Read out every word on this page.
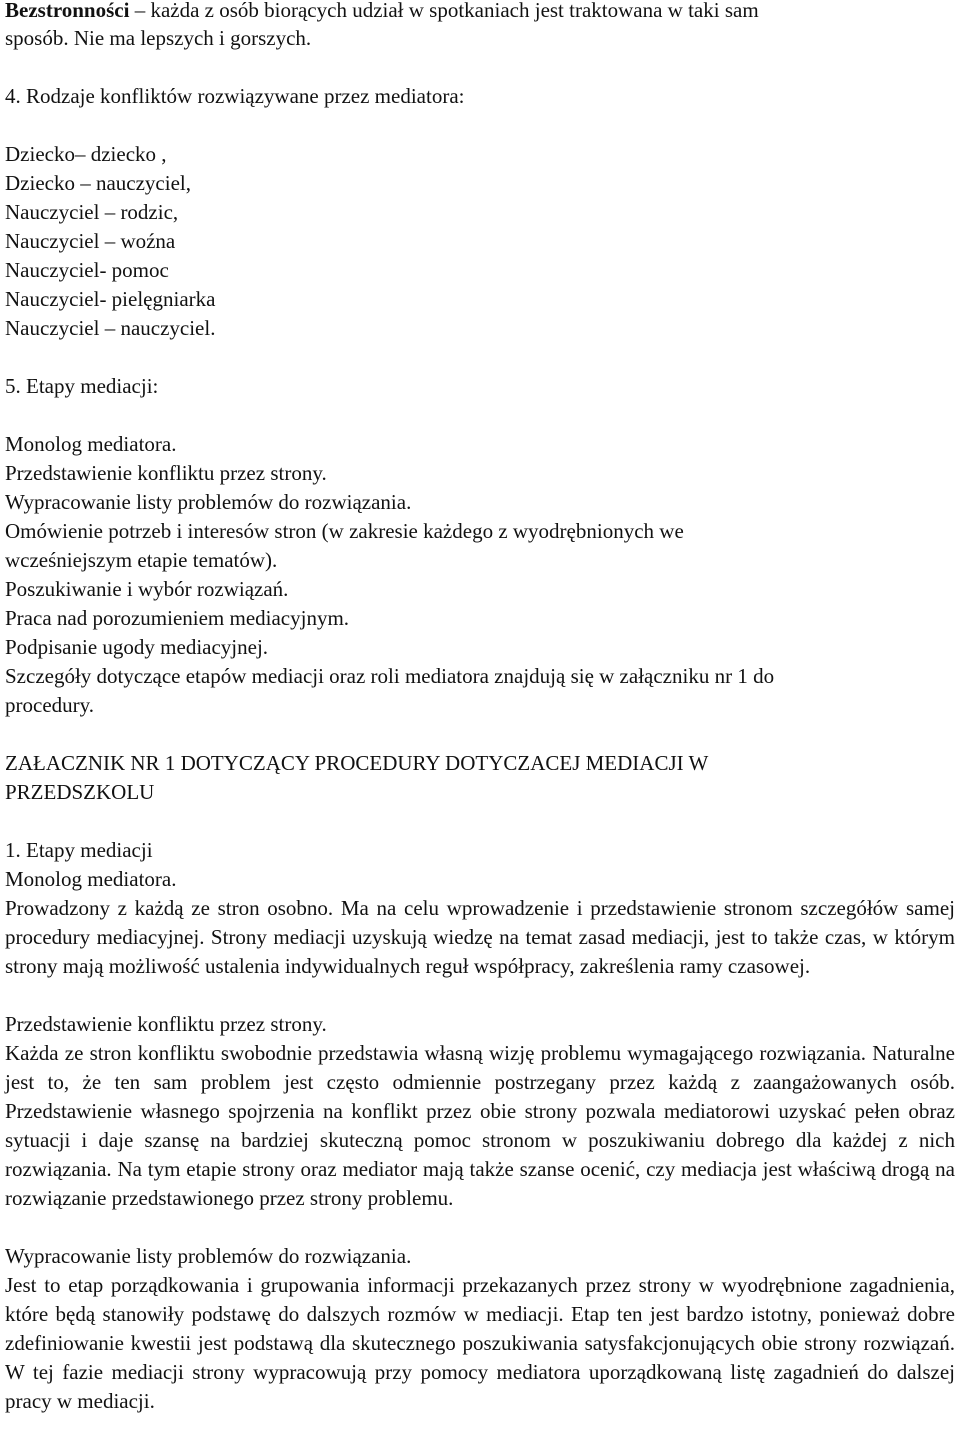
Bezstronności – każda z osób biorących udział w spotkaniach jest traktowana w taki sam
sposób. Nie ma lepszych i gorszych.
4. Rodzaje konfliktów rozwiązywane przez mediatora:
Dziecko– dziecko ,
Dziecko – nauczyciel,
Nauczyciel – rodzic,
Nauczyciel – woźna
Nauczyciel- pomoc
Nauczyciel- pielęgniarka
Nauczyciel – nauczyciel.
5. Etapy mediacji:
Monolog mediatora.
Przedstawienie konfliktu przez strony.
Wypracowanie listy problemów do rozwiązania.
Omówienie potrzeb i interesów stron (w zakresie każdego z wyodrębnionych we
wcześniejszym etapie tematów).
Poszukiwanie i wybór rozwiązań.
Praca nad porozumieniem mediacyjnym.
Podpisanie ugody mediacyjnej.
Szczegóły dotyczące etapów mediacji oraz roli mediatora znajdują się w załączniku nr 1 do
procedury.
ZAŁACZNIK NR 1 DOTYCZĄCY PROCEDURY DOTYCZACEJ MEDIACJI W
PRZEDSZKOLU
1. Etapy mediacji
Monolog mediatora.
Prowadzony z każdą ze stron osobno. Ma na celu wprowadzenie i przedstawienie stronom szczegółów samej procedury mediacyjnej. Strony mediacji uzyskują wiedzę na temat zasad mediacji, jest to także czas, w którym strony mają możliwość ustalenia indywidualnych reguł współpracy, zakreślenia ramy czasowej.
Przedstawienie konfliktu przez strony.
Każda ze stron konfliktu swobodnie przedstawia własną wizję problemu wymagającego rozwiązania. Naturalne jest to, że ten sam problem jest często odmiennie postrzegany przez każdą z zaangażowanych osób. Przedstawienie własnego spojrzenia na konflikt przez obie strony pozwala mediatorowi uzyskać pełen obraz sytuacji i daje szansę na bardziej skuteczną pomoc stronom w poszukiwaniu dobrego dla każdej z nich rozwiązania. Na tym etapie strony oraz mediator mają także szanse ocenić, czy mediacja jest właściwą drogą na rozwiązanie przedstawionego przez strony problemu.
Wypracowanie listy problemów do rozwiązania.
Jest to etap porządkowania i grupowania informacji przekazanych przez strony w wyodrębnione zagadnienia, które będą stanowiły podstawę do dalszych rozmów w mediacji. Etap ten jest bardzo istotny, ponieważ dobre zdefiniowanie kwestii jest podstawą dla skutecznego poszukiwania satysfakcjonujących obie strony rozwiązań. W tej fazie mediacji strony wypracowują przy pomocy mediatora uporządkowaną listę zagadnień do dalszej pracy w mediacji.
